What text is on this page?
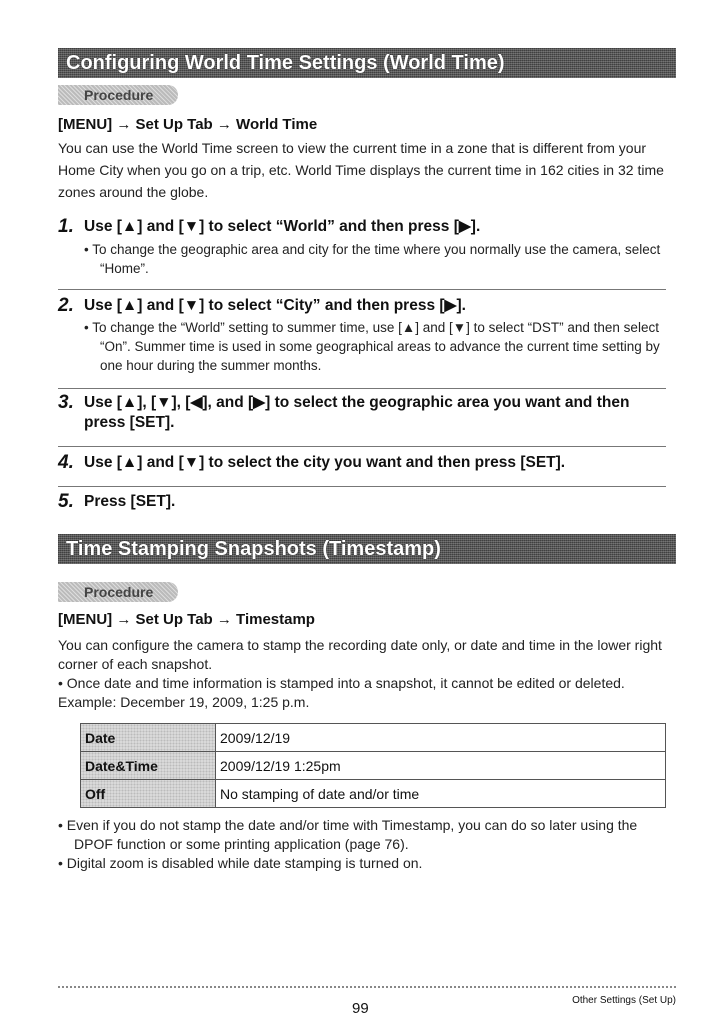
Configuring World Time Settings (World Time)
Procedure
[MENU] → Set Up Tab → World Time
You can use the World Time screen to view the current time in a zone that is different from your Home City when you go on a trip, etc. World Time displays the current time in 162 cities in 32 time zones around the globe.
1. Use [▲] and [▼] to select “World” and then press [▶].
• To change the geographic area and city for the time where you normally use the camera, select “Home”.
2. Use [▲] and [▼] to select “City” and then press [▶].
• To change the “World” setting to summer time, use [▲] and [▼] to select “DST” and then select “On”. Summer time is used in some geographical areas to advance the current time setting by one hour during the summer months.
3. Use [▲], [▼], [◀], and [▶] to select the geographic area you want and then press [SET].
4. Use [▲] and [▼] to select the city you want and then press [SET].
5. Press [SET].
Time Stamping Snapshots (Timestamp)
Procedure
[MENU] → Set Up Tab → Timestamp
You can configure the camera to stamp the recording date only, or date and time in the lower right corner of each snapshot.
• Once date and time information is stamped into a snapshot, it cannot be edited or deleted.
Example: December 19, 2009, 1:25 p.m.
Date	2009/12/19
Date&Time	2009/12/19 1:25pm
Off	No stamping of date and/or time
• Even if you do not stamp the date and/or time with Timestamp, you can do so later using the DPOF function or some printing application (page 76).
• Digital zoom is disabled while date stamping is turned on.
99	Other Settings (Set Up)
